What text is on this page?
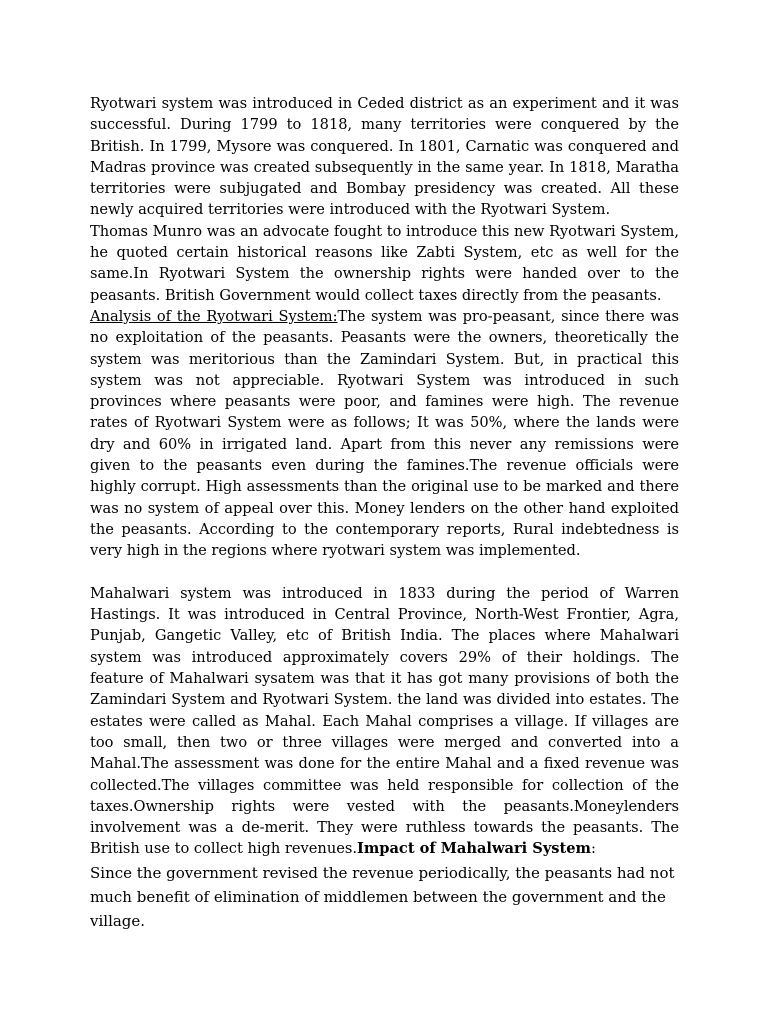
Ryotwari system was introduced in Ceded district as an experiment and it was successful. During 1799 to 1818, many territories were conquered by the British. In 1799, Mysore was conquered. In 1801, Carnatic was conquered and Madras province was created subsequently in the same year. In 1818, Maratha territories were subjugated and Bombay presidency was created. All these newly acquired territories were introduced with the Ryotwari System.

Thomas Munro was an advocate fought to introduce this new Ryotwari System, he quoted certain historical reasons like Zabti System, etc as well for the same.In Ryotwari System the ownership rights were handed over to the peasants. British Government would collect taxes directly from the peasants.

Analysis of the Ryotwari System:The system was pro-peasant, since there was no exploitation of the peasants. Peasants were the owners, theoretically the system was meritorious than the Zamindari System. But, in practical this system was not appreciable. Ryotwari System was introduced in such provinces where peasants were poor, and famines were high. The revenue rates of Ryotwari System were as follows; It was 50%, where the lands were dry and 60% in irrigated land. Apart from this never any remissions were given to the peasants even during the famines.The revenue officials were highly corrupt. High assessments than the original use to be marked and there was no system of appeal over this. Money lenders on the other hand exploited the peasants. According to the contemporary reports, Rural indebtedness is very high in the regions where ryotwari system was implemented.

Mahalwari system was introduced in 1833 during the period of Warren Hastings. It was introduced in Central Province, North-West Frontier, Agra, Punjab, Gangetic Valley, etc of British India. The places where Mahalwari system was introduced approximately covers 29% of their holdings. The feature of Mahalwari sysatem was that it has got many provisions of both the Zamindari System and Ryotwari System. the land was divided into estates. The estates were called as Mahal. Each Mahal comprises a village. If villages are too small, then two or three villages were merged and converted into a Mahal.The assessment was done for the entire Mahal and a fixed revenue was collected.The villages committee was held responsible for collection of the taxes.Ownership rights were vested with the peasants.Moneylenders involvement was a de-merit. They were ruthless towards the peasants. The British use to collect high revenues.Impact of Mahalwari System:

Since the government revised the revenue periodically, the peasants had not much benefit of elimination of middlemen between the government and the village.
